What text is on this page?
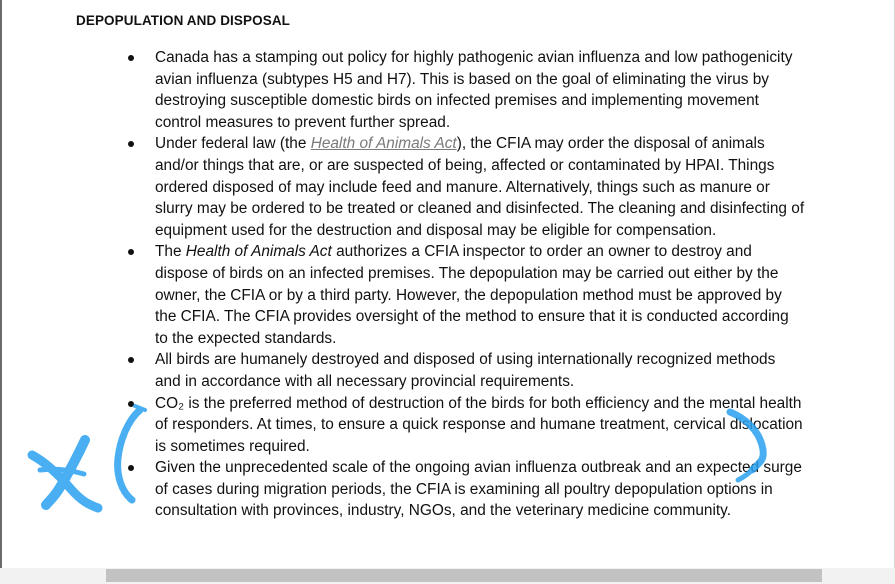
DEPOPULATION AND DISPOSAL
Canada has a stamping out policy for highly pathogenic avian influenza and low pathogenicity avian influenza (subtypes H5 and H7). This is based on the goal of eliminating the virus by destroying susceptible domestic birds on infected premises and implementing movement control measures to prevent further spread.
Under federal law (the Health of Animals Act), the CFIA may order the disposal of animals and/or things that are, or are suspected of being, affected or contaminated by HPAI. Things ordered disposed of may include feed and manure. Alternatively, things such as manure or slurry may be ordered to be treated or cleaned and disinfected. The cleaning and disinfecting of equipment used for the destruction and disposal may be eligible for compensation.
The Health of Animals Act authorizes a CFIA inspector to order an owner to destroy and dispose of birds on an infected premises. The depopulation may be carried out either by the owner, the CFIA or by a third party. However, the depopulation method must be approved by the CFIA. The CFIA provides oversight of the method to ensure that it is conducted according to the expected standards.
All birds are humanely destroyed and disposed of using internationally recognized methods and in accordance with all necessary provincial requirements.
CO₂ is the preferred method of destruction of the birds for both efficiency and the mental health of responders. At times, to ensure a quick response and humane treatment, cervical dislocation is sometimes required.
Given the unprecedented scale of the ongoing avian influenza outbreak and an expected surge of cases during migration periods, the CFIA is examining all poultry depopulation options in consultation with provinces, industry, NGOs, and the veterinary medicine community.
